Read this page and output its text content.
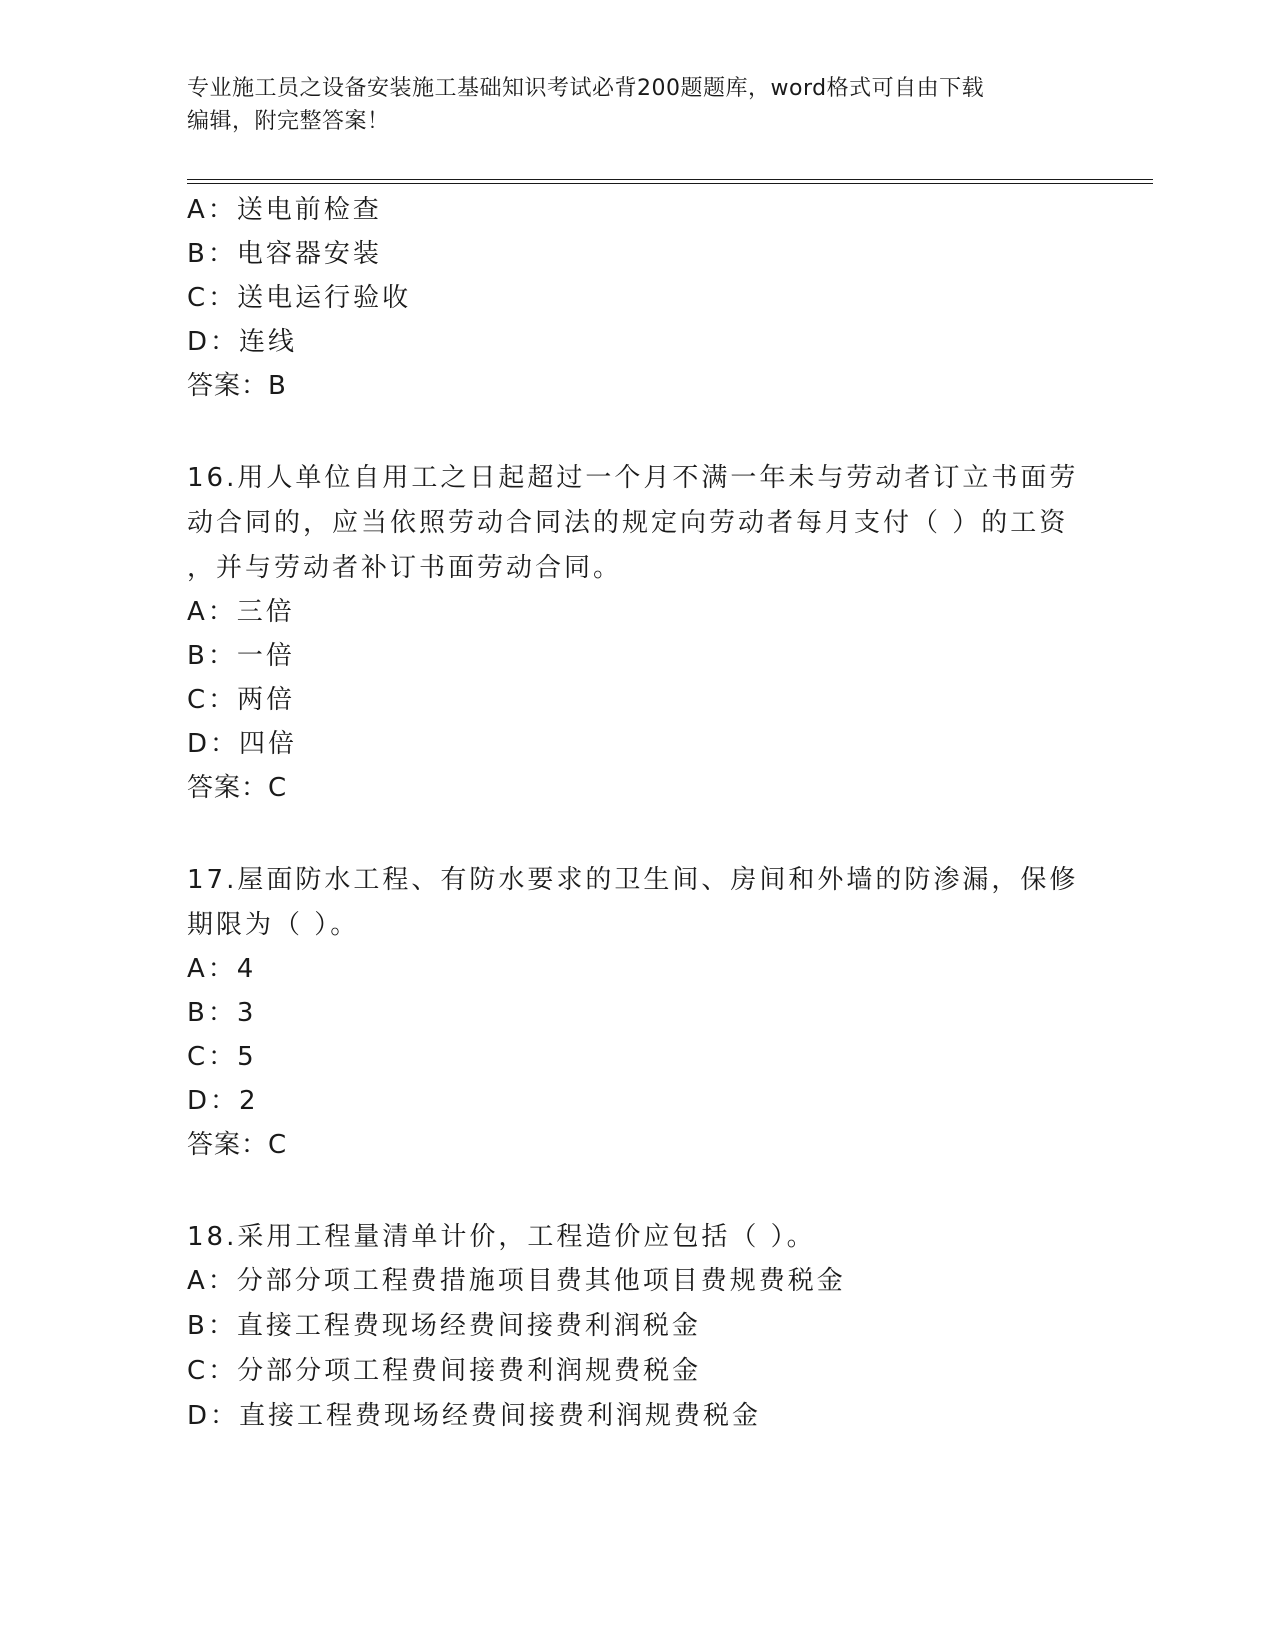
专业施工员之设备安装施工基础知识考试必背200题题库，word格式可自由下载
编辑，附完整答案！
A：送电前检查
B：电容器安装
C：送电运行验收
D：连线
答案：B
16.用人单位自用工之日起超过一个月不满一年未与劳动者订立书面劳
动合同的，应当依照劳动合同法的规定向劳动者每月支付（ ）的工资
，并与劳动者补订书面劳动合同。
A：三倍
B：一倍
C：两倍
D：四倍
答案：C
17.屋面防水工程、有防水要求的卫生间、房间和外墙的防渗漏，保修
期限为（ ）。
A：4
B：3
C：5
D：2
答案：C
18.采用工程量清单计价，工程造价应包括（ ）。
A：分部分项工程费措施项目费其他项目费规费税金
B：直接工程费现场经费间接费利润税金
C：分部分项工程费间接费利润规费税金
D：直接工程费现场经费间接费利润规费税金
